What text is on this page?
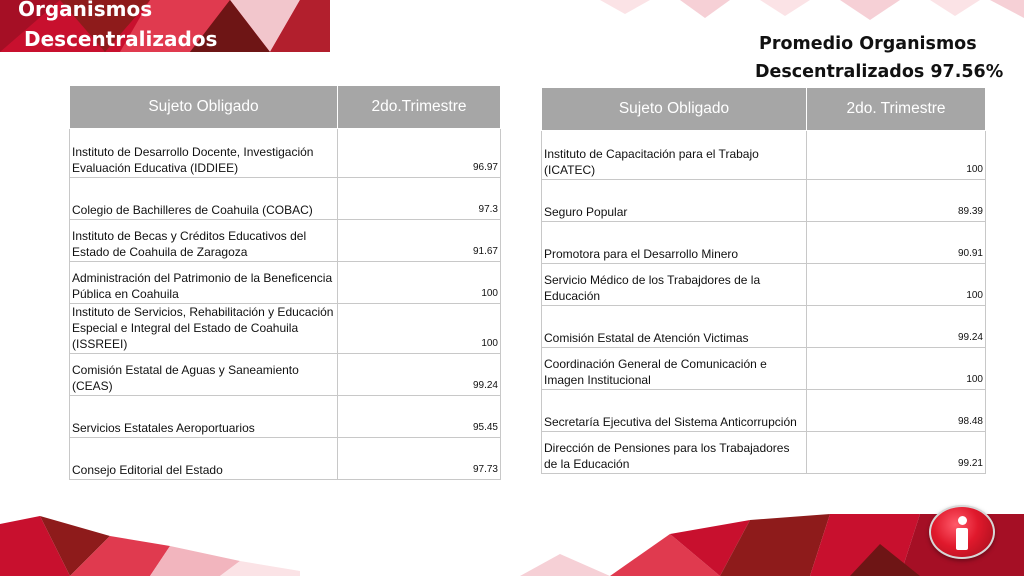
Organismos
Descentralizados	Promedio Organismos
Descentralizados 97.56%
Sujeto Obligado	2do.Trimestre
Instituto de Desarrollo Docente, Investigación Evaluación Educativa (IDDIEE)	96.97
Colegio de Bachilleres de Coahuila (COBAC)	97.3
Instituto de Becas y Créditos Educativos del Estado de Coahuila de Zaragoza	91.67
Administración del Patrimonio de la Beneficencia Pública en Coahuila	100
Instituto de Servicios, Rehabilitación y Educación Especial e Integral del Estado de Coahuila (ISSREEI)	100
Comisión Estatal de Aguas y Saneamiento (CEAS)	99.24
Servicios Estatales Aeroportuarios	95.45
Consejo Editorial del Estado	97.73
Sujeto Obligado	2do. Trimestre
Instituto de Capacitación para el Trabajo (ICATEC)	100
Seguro Popular	89.39
Promotora para el Desarrollo Minero	90.91
Servicio Médico de los Trabajdores de la Educación	100
Comisión Estatal de Atención Victimas	99.24
Coordinación General de Comunicación e Imagen Institucional	100
Secretaría Ejecutiva del Sistema Anticorrupción	98.48
Dirección de Pensiones para los Trabajadores de la Educación	99.21
